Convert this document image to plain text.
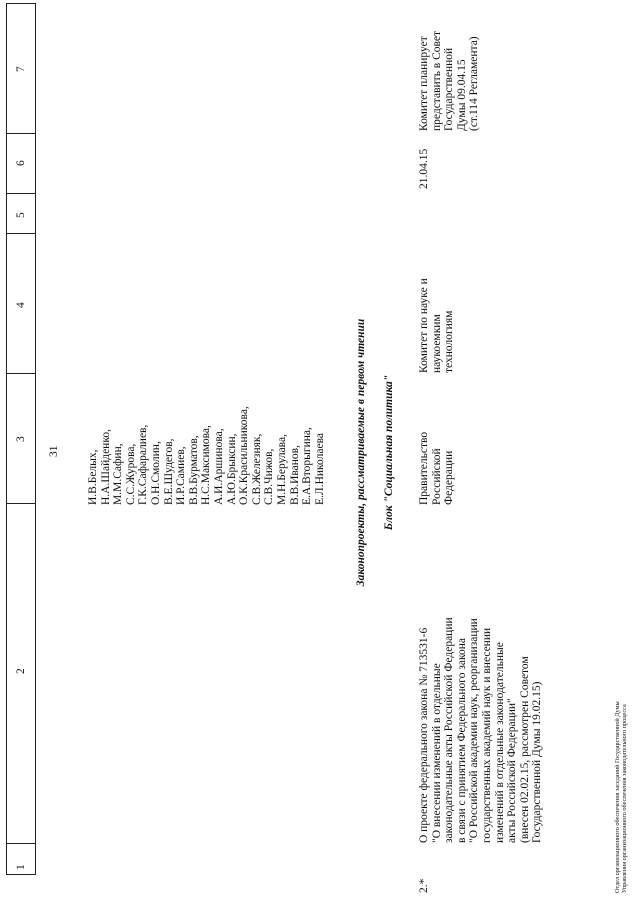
1
2
3
4
5
6
7
31 И.В.Белых,
Н.А.Шайденко,
М.М.Сафин,
С.С.Журова,
Г.К.Сафаралиев,
О.Н.Смолин,
В.Е.Шудегов,
И.Р.Самиев,
В.В.Бурматов,
Н.С.Максимова,
А.И.Аршинова,
А.Ю.Брыксин,
О.К.Красильникова,
С.В.Железняк,
С.В.Чижов,
М.Н.Берулава,
В.В.Иванов,
Е.А.Вторыгина,
Е.Л.Николаева	Законопроекты, рассматриваемые в первом чтении Блок "Социальная политика"
2.*
О проекте федерального закона № 713531-6
"О внесении изменений в отдельные
законодательные акты Российской Федерации
в связи с принятием Федерального закона
"О Российской академии наук, реорганизации
государственных академий наук и внесении
изменений в отдельные законодательные
акты Российской Федерации"
(внесен 02.02.15, рассмотрен Советом
Государственной Думы 19.02.15)
Правительство
Российской
Федерации
Комитет по науке и
наукоемким
технологиям
21.04.15
Комитет планирует
представить в Совет
Государственной
Думы 09.04.15
(ст.114 Регламента)
Отдел организационного обеспечения заседаний Государственной Думы
Управления организационного обеспечения законодательного процесса
